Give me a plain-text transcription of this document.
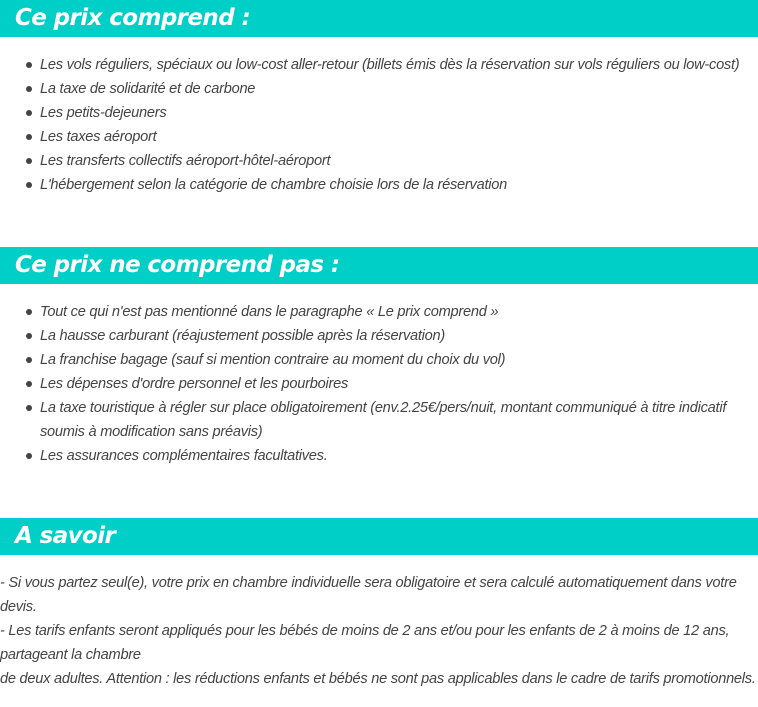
Ce prix comprend :
Les vols réguliers, spéciaux ou low-cost aller-retour (billets émis dès la réservation sur vols réguliers ou low-cost)
La taxe de solidarité et de carbone
Les petits-dejeuners
Les taxes aéroport
Les transferts collectifs aéroport-hôtel-aéroport
L'hébergement selon la catégorie de chambre choisie lors de la réservation
Ce prix ne comprend pas :
Tout ce qui n'est pas mentionné dans le paragraphe « Le prix comprend »
La hausse carburant (réajustement possible après la réservation)
La franchise bagage (sauf si mention contraire au moment du choix du vol)
Les dépenses d'ordre personnel et les pourboires
La taxe touristique à régler sur place obligatoirement (env.2.25€/pers/nuit, montant communiqué à titre indicatif soumis à modification sans préavis)
Les assurances complémentaires facultatives.
A savoir

- Si vous partez seul(e), votre prix en chambre individuelle sera obligatoire et sera calculé automatiquement dans votre devis.

- Les tarifs enfants seront appliqués pour les bébés de moins de 2 ans et/ou pour les enfants de 2 à moins de 12 ans, partageant la chambre

de deux adultes. Attention : les réductions enfants et bébés ne sont pas applicables dans le cadre de tarifs promotionnels.
